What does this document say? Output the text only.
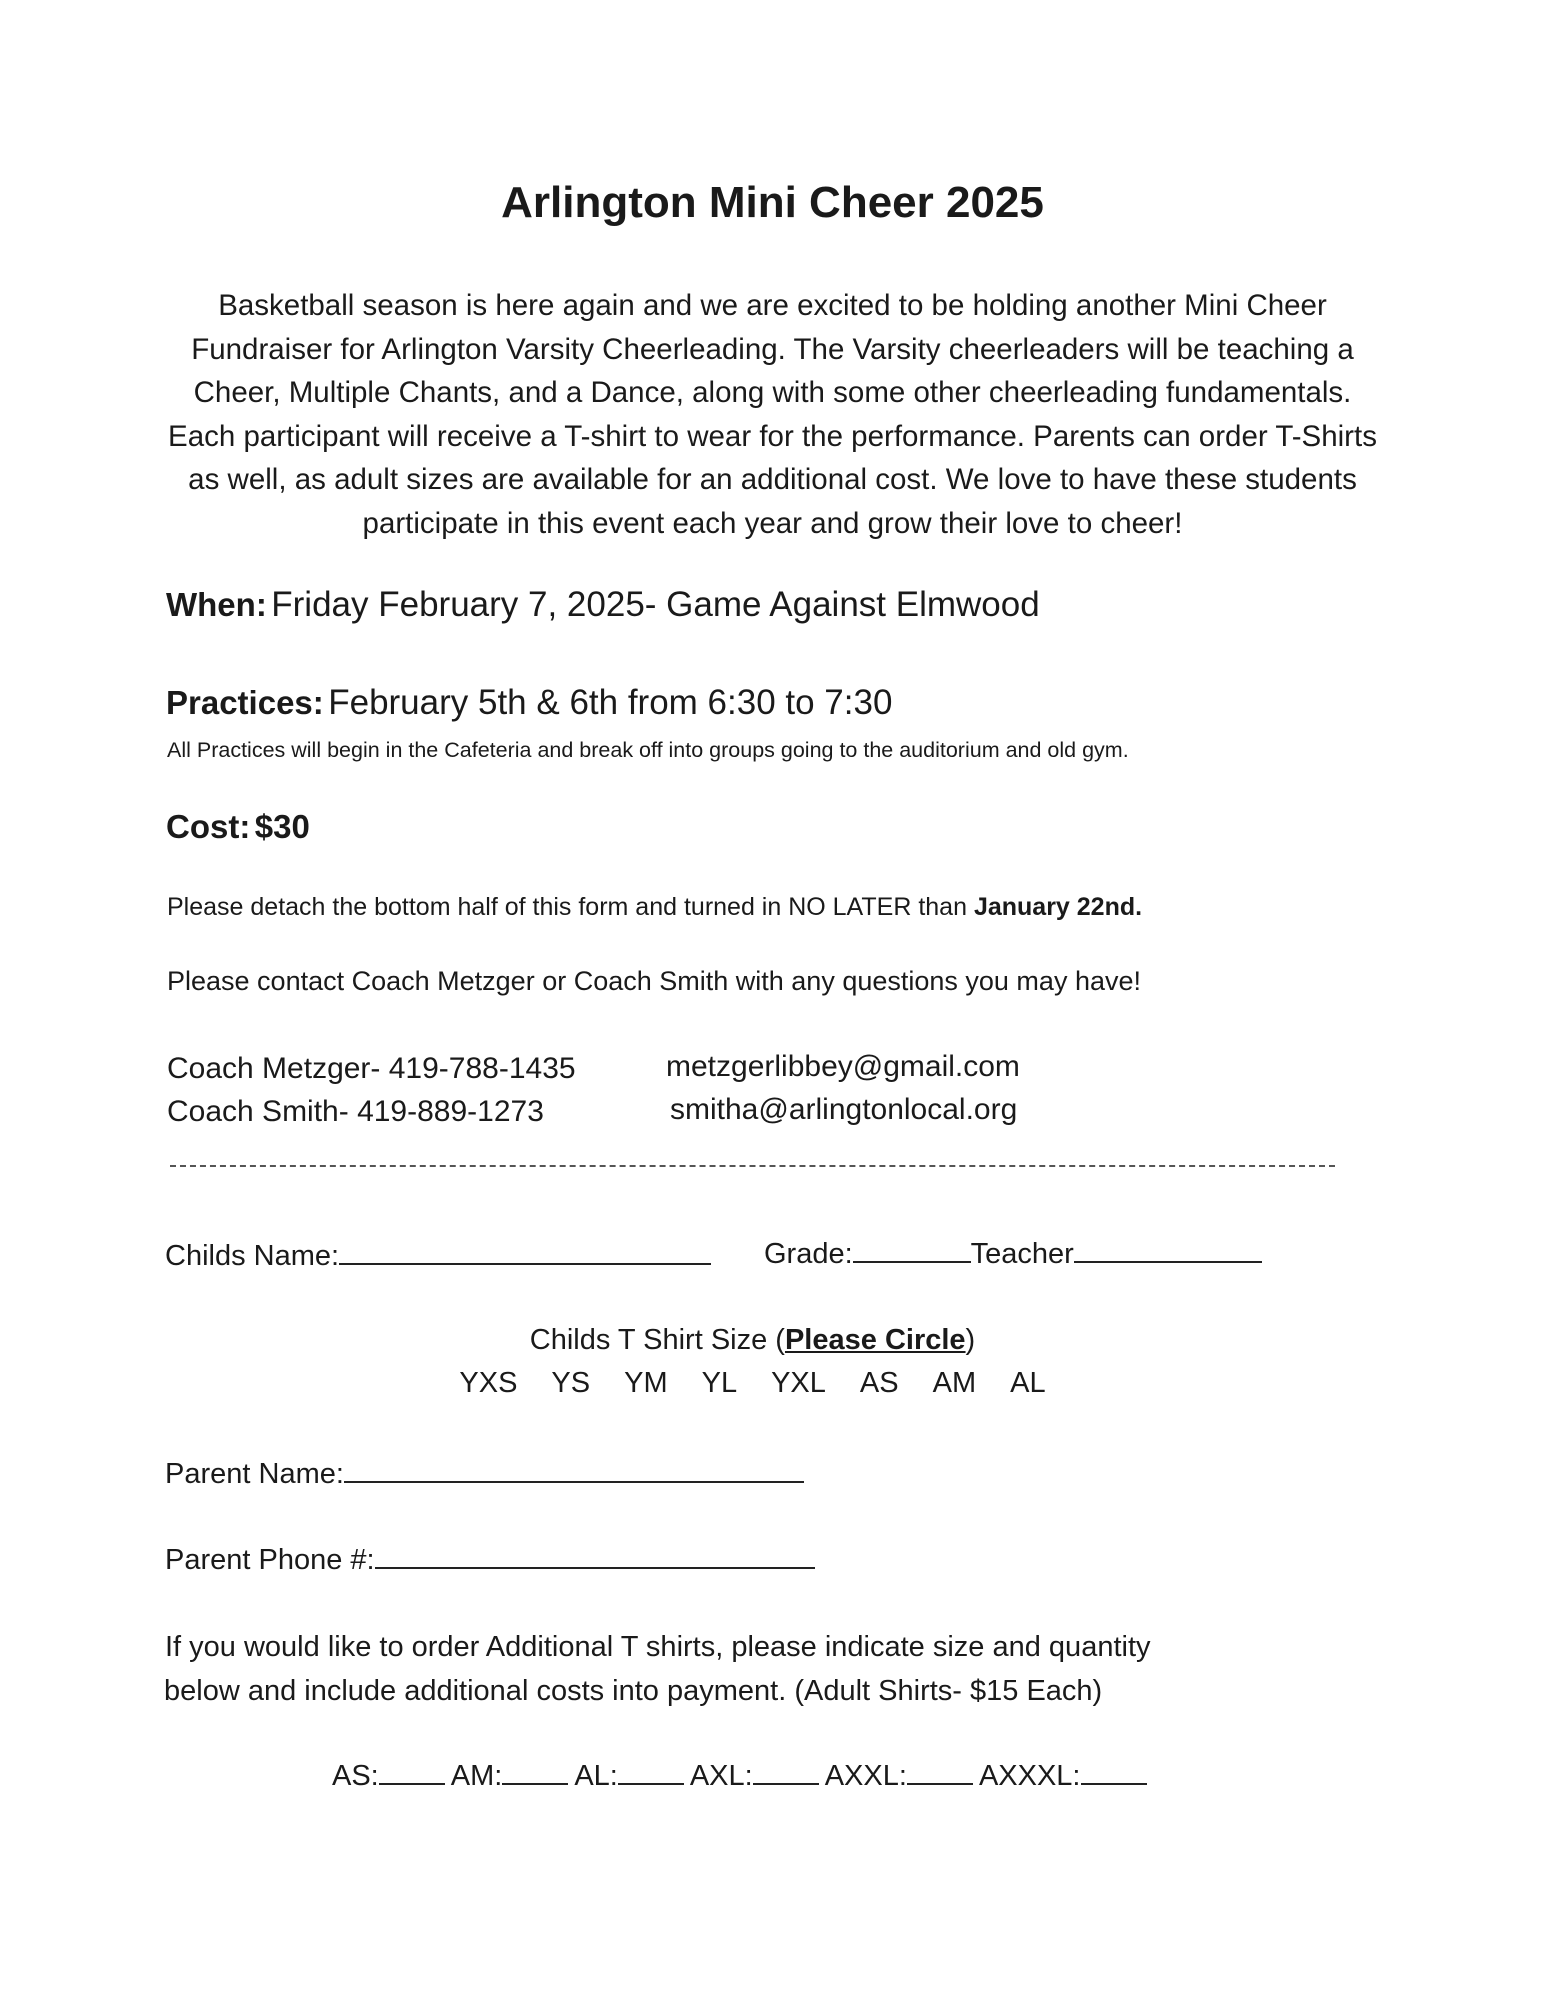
Arlington Mini Cheer 2025

Basketball season is here again and we are excited to be holding another Mini Cheer Fundraiser for Arlington Varsity Cheerleading. The Varsity cheerleaders will be teaching a Cheer, Multiple Chants, and a Dance, along with some other cheerleading fundamentals. Each participant will receive a T-shirt to wear for the performance. Parents can order T-Shirts as well, as adult sizes are available for an additional cost. We love to have these students participate in this event each year and grow their love to cheer!

When: Friday February 7, 2025- Game Against Elmwood
Practices: February 5th & 6th from 6:30 to 7:30
All Practices will begin in the Cafeteria and break off into groups going to the auditorium and old gym.
Cost: $30
Please detach the bottom half of this form and turned in NO LATER than January 22nd.
Please contact Coach Metzger or Coach Smith with any questions you may have!
Coach Metzger- 419-788-1435	metzgerlibbey@gmail.com
Coach Smith- 419-889-1273	smitha@arlingtonlocal.org
Childs Name:	Grade:	Teacher
Childs T Shirt Size (Please Circle)
YXS YS YM YL YXL AS AM AL
Parent Name:
Parent Phone #:
If you would like to order Additional T shirts, please indicate size and quantity
below and include additional costs into payment. (Adult Shirts- $15 Each)
AS: AM: AL: AXL: AXXL: AXXXL:
